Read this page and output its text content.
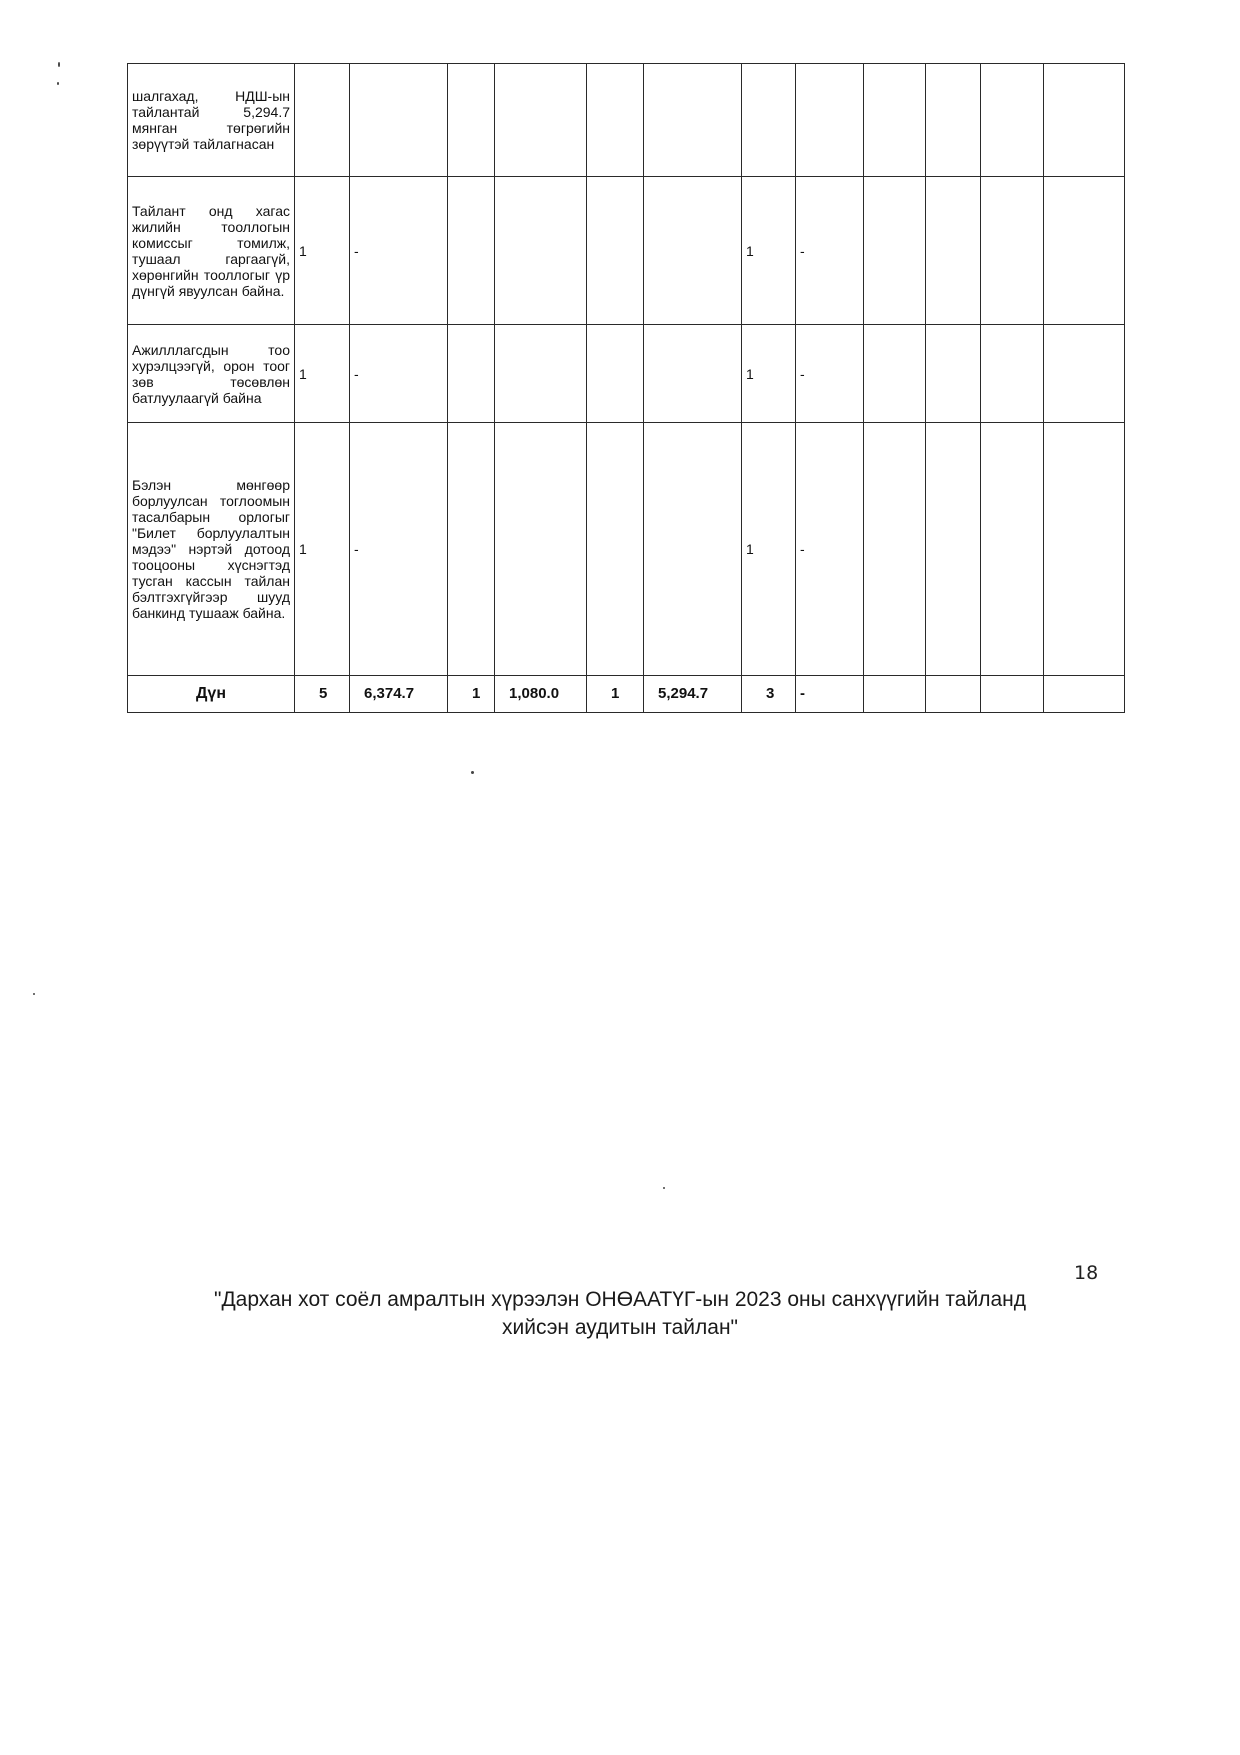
шалгахад, НДШ-ын тайлантай 5,294.7 мянган төгрөгийн зөрүүтэй тайлагнасан												
Тайлант онд хагас жилийн тооллогын комиссыг томилж, тушаал гаргаагүй, хөрөнгийн тооллогыг үр дүнгүй явуулсан байна.	1	-					1	-				
Ажилллагсдын тоо хурэлцээгүй, орон тоог зөв төсөвлөн батлуулаагүй байна	1	-					1	-				
Бэлэн мөнгөөр борлуулсан тоглоомын тасалбарын орлогыг "Билет борлуулалтын мэдээ" нэртэй дотоод тооцооны хүснэгтэд тусган кассын тайлан бэлтгэхгүйгээр шууд банкинд тушааж байна.	1	-					1	-				
Дүн	5	6,374.7	1	1,080.0	1	5,294.7	3	-				
18
"Дархан хот соёл амралтын хүрээлэн ОНӨААТҮГ-ын 2023 оны санхүүгийн тайланд
хийсэн аудитын тайлан"
